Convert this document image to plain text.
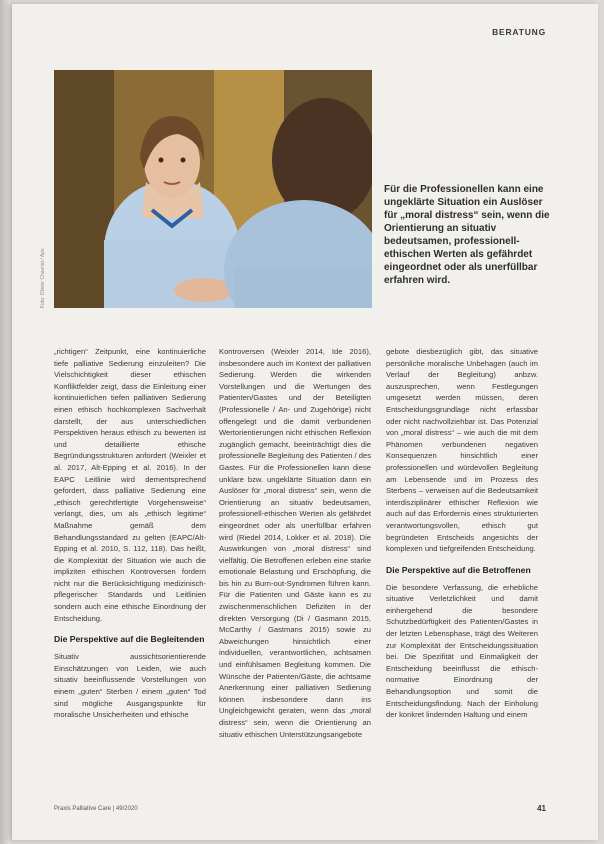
BERATUNG
Foto: Olivier Chavriat / Apx
Für die Professionellen kann eine ungeklärte Situation ein Auslöser für „moral distress“ sein, wenn die Orientierung an situativ bedeutsamen, professionell-ethischen Werten als gefährdet eingeordnet oder als unerfüllbar erfahren wird.

„richtigen“ Zeitpunkt, eine kontinuierliche tiefe palliative Sedierung einzuleiten? Die Vielschichtigkeit dieser ethischen Konfliktfelder zeigt, dass die Einleitung einer kontinuierlichen tiefen palliativen Sedierung einen ethisch hochkomplexen Sachverhalt darstellt, der aus unterschiedlichen Perspektiven heraus ethisch zu bewerten ist und detaillierte ethische Begründungsstrukturen anfordert (Weixler et al. 2017, Alt-Epping et al. 2016). In der EAPC Leitlinie wird dementsprechend gefordert, dass palliative Sedierung eine „ethisch gerechtfertigte Vorgehensweise“ verlangt, dies, um als „ethisch legitime“ Maßnahme gemäß dem Behandlungsstandard zu gelten (EAPC/Alt-Epping et al. 2010, S. 112, 118). Das heißt, die Komplexität der Situation wie auch die impliziten ethischen Kontroversen fordern nicht nur die Berücksichtigung medizinisch-pflegerischer Standards und Leitlinien sondern auch eine ethische Einordnung der Entscheidung.

Die Perspektive auf die Begleitenden

Situativ aussichtsorientierende Einschätzungen von Leiden, wie auch situativ beeinflussende Vorstellungen von einem „guten“ Sterben / einem „guten“ Tod sind mögliche Ausgangspunkte für moralische Unsicherheiten und ethische

Kontroversen (Weixler 2014, Ide 2016), insbesondere auch im Kontext der palliativen Sedierung. Werden die wirkenden Vorstellungen und die Wertungen des Patienten/Gastes und der Beteiligten (Professionelle / An- und Zugehörige) nicht offengelegt und die damit verbundenen Wertorientierungen nicht ethischen Reflexion zugänglich gemacht, beeinträchtigt dies die professionelle Begleitung des Patienten / des Gastes. Für die Professionellen kann diese unklare bzw. ungeklärte Situation dann ein Auslöser für „moral distress“ sein, wenn die Orientierung an situativ bedeutsamen, professionell-ethischen Werten als gefährdet eingeordnet oder als unerfüllbar erfahren wird (Riedel 2014, Lokker et al. 2018). Die Auswirkungen von „moral distress“ sind vielfältig. Die Betroffenen erleben eine starke emotionale Belastung und Erschöpfung, die bis hin zu Burn-out-Syndromen führen kann. Für die Patienten und Gäste kann es zu zwischenmenschlichen Defiziten in der direkten Versorgung (Di / Gasmann 2015, McCarthy / Gastmans 2015) sowie zu Abweichungen hinsichtlich einer individuellen, verantwortlichen, achtsamen und einfühlsamen Begleitung kommen. Die Wünsche der Patienten/Gäste, die achtsame Anerkennung einer palliativen Sedierung können insbesondere dann ins Ungleichgewicht geraten, wenn das „moral distress“ sein, wenn die Orientierung an situativ ethischen Unterstützungsangebote

gebote diesbezüglich gibt, das situative persönliche moralische Unbehagen (auch im Verlauf der Begleitung) anbzw. auszusprechen, wenn Festlegungen umgesetzt werden müssen, deren Entscheidungsgrundlage nicht erfassbar oder nicht nachvollziehbar ist. Das Potenzial von „moral distress“ – wie auch die mit dem Phänomen verbundenen negativen Konsequenzen hinsichtlich einer professionellen und würdevollen Begleitung am Lebensende und im Prozess des Sterbens – verweisen auf die Bedeutsamkeit interdisziplinärer ethischer Reflexion wie auch auf das Erfordernis eines strukturierten verantwortungsvollen, ethisch gut begründeten Entscheids angesichts der komplexen und tiefgreifenden Entscheidung.

Die Perspektive auf die Betroffenen

Die besondere Verfassung, die erhebliche situative Verletzlichkeit und damit einhergehend die besondere Schutzbedürftigkeit des Patienten/Gastes in der letzten Lebensphase, trägt des Weiteren zur Komplexität der Entscheidungssituation bei. Die Spezifität und Einmaligkeit der Entscheidung beeinflusst die ethisch-normative Einordnung der Behandlungsoption und somit die Entscheidungsfindung. Nach der Einholung der konkret lindernden Haltung und einem

Praxis Palliative Care | 49/2020	41
